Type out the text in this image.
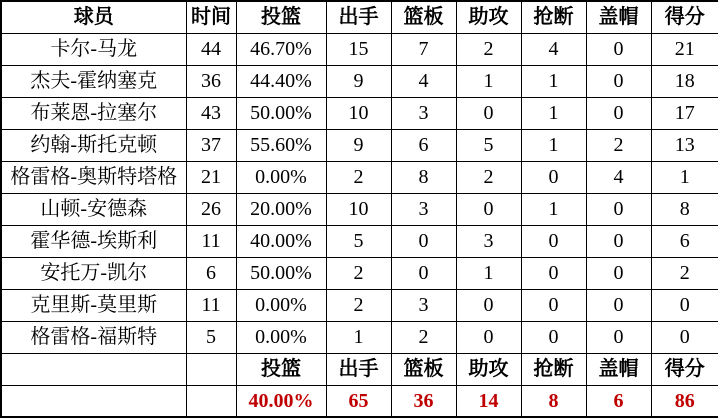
球员	时间	投篮	出手	篮板	助攻	抢断	盖帽	得分
卡尔-马龙	44	46.70%	15	7	2	4	0	21
杰夫-霍纳塞克	36	44.40%	9	4	1	1	0	18
布莱恩-拉塞尔	43	50.00%	10	3	0	1	0	17
约翰-斯托克顿	37	55.60%	9	6	5	1	2	13
格雷格-奥斯特塔格	21	0.00%	2	8	2	0	4	1
山顿-安德森	26	20.00%	10	3	0	1	0	8
霍华德-埃斯利	11	40.00%	5	0	3	0	0	6
安托万-凯尔	6	50.00%	2	0	1	0	0	2
克里斯-莫里斯	11	0.00%	2	3	0	0	0	0
格雷格-福斯特	5	0.00%	1	2	0	0	0	0
		投篮	出手	篮板	助攻	抢断	盖帽	得分
		40.00%	65	36	14	8	6	86
